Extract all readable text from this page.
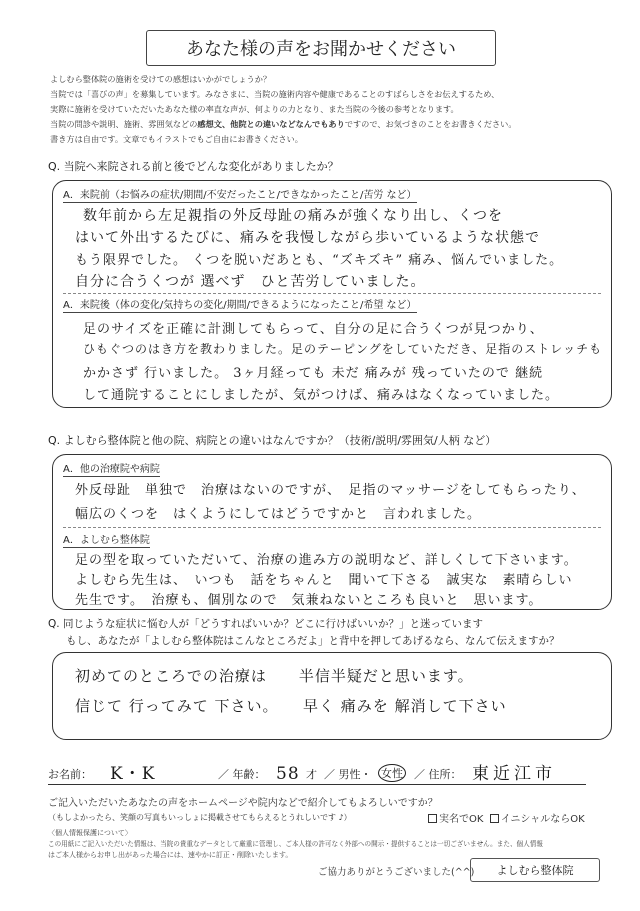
あなた様の声をお聞かせください
よしむら整体院の施術を受けての感想はいかがでしょうか？
当院では「喜びの声」を募集しています。みなさまに、当院の施術内容や健康であることのすばらしさをお伝えするため、
実際に施術を受けていただいたあなた様の率直な声が、何よりの力となり、また当院の今後の参考となります。
当院の問診や説明、施術、雰囲気などの感想文、他院との違いなどなんでもありですので、お気づきのことをお書きください。
書き方は自由です。文章でもイラストでもご自由にお書きください。
Q. 当院へ来院される前と後でどんな変化がありましたか？
A．来院前（お悩みの症状/期間/不安だったこと/できなかったこと/苦労 など）
数年前から左足親指の外反母趾の痛みが強くなり出し、くつを
はいて外出するたびに、痛みを我慢しながら歩いているような状態で
もう限界でした。 くつを脱いだあとも、“ズキズキ” 痛み、悩んでいました。
自分に合うくつが 選べず　ひと苦労していました。
A．来院後（体の変化/気持ちの変化/期間/できるようになったこと/希望 など）
足のサイズを正確に計測してもらって、自分の足に合うくつが見つかり、
ひもぐつのはき方を教わりました。足のテーピングをしていただき、足指のストレッチも
かかさず 行いました。 3ヶ月経っても 未だ 痛みが 残っていたので 継続
して通院することにしましたが、気がつけば、痛みはなくなっていました。
Q. よしむら整体院と他の院、病院との違いはなんですか？（技術/説明/雰囲気/人柄 など）
A．他の治療院や病院
外反母趾　単独で　治療はないのですが、　足指のマッサージをしてもらったり、
幅広のくつを　はくようにしてはどうですかと　言われました。
A．よしむら整体院
足の型を取っていただいて、治療の進み方の説明など、詳しくして下さいます。
よしむら先生は、　いつも　話をちゃんと　聞いて下さる　誠実な　素晴らしい
先生です。　治療も、個別なので　気兼ねないところも良いと　思います。
Q. 同じような症状に悩む人が「どうすればいいか？どこに行けばいいか？」と迷っています
もし、あなたが「よしむら整体院はこんなところだよ」と背中を押してあげるなら、なんて伝えますか？
初めてのところでの治療は　　半信半疑だと思います。
信じて 行ってみて 下さい。　　早く 痛みを 解消して下さい
お名前： K・K	／ 年齢： 58 才 ／ 男性・ 女性 ／ 住所： 東近江市
ご記入いただいたあなたの声をホームページや院内などで紹介してもよろしいですか？
（もしよかったら、笑顔の写真もいっしょに掲載させてもらえるとうれしいです ♪）	実名でOK イニシャルならOK
〈個人情報保護について〉
この用紙にご記入いただいた情報は、当院の貴重なデータとして厳重に管理し、ご本人様の許可なく外部への開示・提供することは一切ございません。また、個人情報
はご本人様からお申し出があった場合には、速やかに訂正・削除いたします。
ご協力ありがとうございました(^^)	よしむら整体院
